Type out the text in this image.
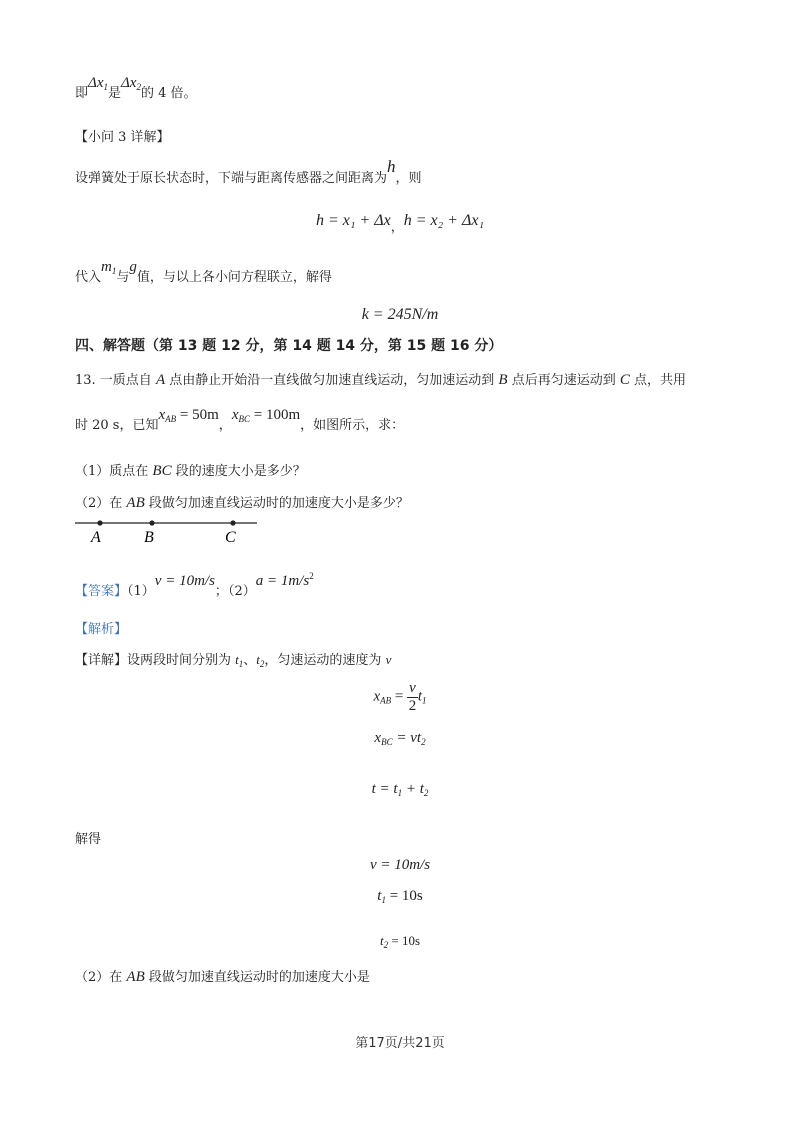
即$\Delta x_1$是$\Delta x_2$的 4 倍。
【小问 3 详解】
设弹簧处于原长状态时，下端与距离传感器之间距离为h，则
$h = x_1 + \Delta x_,h = x_2 + \Delta x_1$
代入$m_1$与g值，与以上各小问方程联立，解得
k = 245N/m
四、解答题（第 13 题 12 分，第 14 题 14 分，第 15 题 16 分）
13. 一质点自 A 点由静止开始沿一直线做匀加速直线运动，匀加速运动到 B 点后再匀速运动到 C 点，共用
时 20 s，已知$x_{AB} = 50m$，$x_{BC} = 100m$，如图所示，求：
（1）质点在 BC 段的速度大小是多少？
（2）在 AB 段做匀加速直线运动时的加速度大小是多少？
A	B	C
【答案】（1）v = 10m/s；$(2)a = 1m/s^2$
【解析】
【详解】设两段时间分别为 $t_1$、$t_2$，匀速运动的速度为 v
$x_{AB} = \frac{v}{2} t_1$
$x_{BC} = vt_2$
$t = t_1 + t_2$
解得
v = 10m/s
$t_1 = 10s$
$t_2 = 10s$
（2）在 AB 段做匀加速直线运动时的加速度大小是
第17页/共21页
